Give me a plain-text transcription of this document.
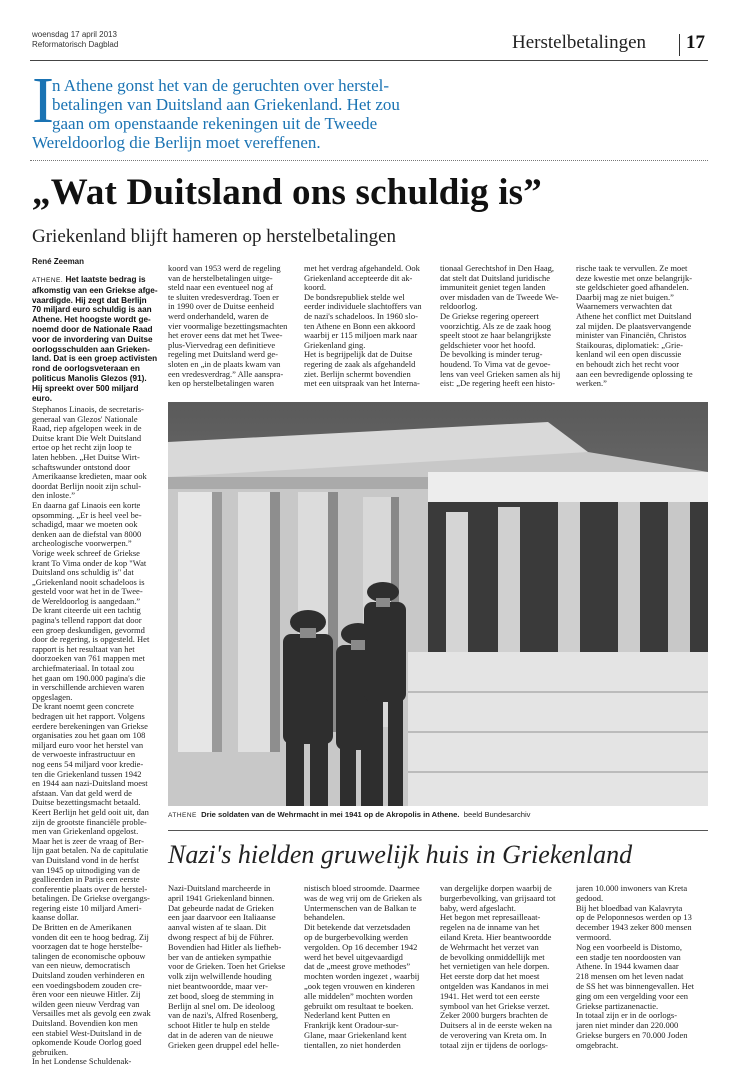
woensdag 17 april 2013
Reformatorisch Dagblad	Herstelbetalingen 17
I
n Athene gonst het van de geruchten over herstel-
betalingen van Duitsland aan Griekenland. Het zou
gaan om openstaande rekeningen uit de Tweede
Wereldoorlog die Berlijn moet vereffenen.
„Wat Duitsland ons schuldig is”
Griekenland blijft hameren op herstelbetalingen
René Zeeman
ATHENE. Het laatste bedrag is
afkomstig van een Griekse afge-
vaardigde. Hij zegt dat Berlijn
70 miljard euro schuldig is aan
Athene. Het hoogste wordt ge-
noemd door de Nationale Raad
voor de invordering van Duitse
oorlogsschulden aan Grieken-
land. Dat is een groep activisten
rond de oorlogsveteraan en
politicus Manolis Glezos (91).
Hij spreekt over 500 miljard
euro.
Stephanos Linaois, de secretaris-
generaal van Glezos' Nationale
Raad, riep afgelopen week in de
Duitse krant Die Welt Duitsland
ertoe op het recht zijn loop te
laten hebben. „Het Duitse Wirt-
schaftswunder ontstond door
Amerikaanse kredieten, maar ook
doordat Berlijn nooit zijn schul-
den inloste.”
En daarna gaf Linaois een korte
opsomming. „Er is heel veel be-
schadigd, maar we moeten ook
denken aan de diefstal van 8000
archeologische voorwerpen.”
Vorige week schreef de Griekse
krant To Vima onder de kop "Wat
Duitsland ons schuldig is" dat
„Griekenland nooit schadeloos is
gesteld voor wat het in de Twee-
de Wereldoorlog is aangedaan.”
De krant citeerde uit een tachtig
pagina's tellend rapport dat door
een groep deskundigen, gevormd
door de regering, is opgesteld. Het
rapport is het resultaat van het
doorzoeken van 761 mappen met
archiefmateriaal. In totaal zou
het gaan om 190.000 pagina's die
in verschillende archieven waren
opgeslagen.
De krant noemt geen concrete
bedragen uit het rapport. Volgens
eerdere berekeningen van Griekse
organisaties zou het gaan om 108
miljard euro voor het herstel van
de verwoeste infrastructuur en
nog eens 54 miljard voor kredie-
ten die Griekenland tussen 1942
en 1944 aan nazi-Duitsland moest
afstaan. Van dat geld werd de
Duitse bezettingsmacht betaald.
Keert Berlijn het geld ooit uit, dan
zijn de grootste financiële proble-
men van Griekenland opgelost.
Maar het is zeer de vraag of Ber-
lijn gaat betalen. Na de capitulatie
van Duitsland vond in de herfst
van 1945 op uitnodiging van de
geallieerden in Parijs een eerste
conferentie plaats over de herstel-
betalingen. De Griekse overgangs-
regering eiste 10 miljard Ameri-
kaanse dollar.
De Britten en de Amerikanen
vonden dit een te hoog bedrag. Zij
voorzagen dat te hoge herstelbe-
talingen de economische opbouw
van een nieuw, democratisch
Duitsland zouden verhinderen en
een voedingsbodem zouden cre-
ëren voor een nieuwe Hitler. Zij
wilden geen nieuw Verdrag van
Versailles met als gevolg een zwak
Duitsland. Bovendien kon men
een stabiel West-Duitsland in de
opkomende Koude Oorlog goed
gebruiken.
In het Londense Schuldenak-
koord van 1953 werd de regeling
van de herstelbetalingen uitge-
steld naar een eventueel nog af
te sluiten vredesverdrag. Toen er
in 1990 over de Duitse eenheid
werd onderhandeld, waren de
vier voormalige bezettingsmachten
het erover eens dat met het Twee-
plus-Viervedrag een definitieve
regeling met Duitsland werd ge-
sloten en „in de plaats kwam van
een vredesverdrag.” Alle aanspra-
ken op herstelbetalingen waren
met het verdrag afgehandeld. Ook
Griekenland accepteerde dit ak-
koord.
De bondsrepubliek stelde wel
eerder individuele slachtoffers van
de nazi's schadeloos. In 1960 slo-
ten Athene en Bonn een akkoord
waarbij er 115 miljoen mark naar
Griekenland ging.
Het is begrijpelijk dat de Duitse
regering de zaak als afgehandeld
ziet. Berlijn schermt bovendien
met een uitspraak van het Interna-
tionaal Gerechtshof in Den Haag,
dat stelt dat Duitsland juridische
immuniteit geniet tegen landen
over misdaden van de Tweede We-
reldoorlog.
De Griekse regering opereert
voorzichtig. Als ze de zaak hoog
speelt stoot ze haar belangrijkste
geldschieter voor het hoofd.
De bevolking is minder terug-
houdend. To Vima vat de gevoe-
lens van veel Grieken samen als hij
eist: „De regering heeft een histo-
rische taak te vervullen. Ze moet
deze kwestie met onze belangrijk-
ste geldschieter goed afhandelen.
Daarbij mag ze niet buigen.”
Waarnemers verwachten dat
Athene het conflict met Duitsland
zal mijden. De plaatsvervangende
minister van Financiën, Christos
Staikouras, diplomatiek: „Grie-
kenland wil een open discussie
en behoudt zich het recht voor
aan een bevredigende oplossing te
werken.”
ATHENE Drie soldaten van de Wehrmacht in mei 1941 op de Akropolis in Athene. beeld Bundesarchiv
Nazi's hielden gruwelijk huis in Griekenland
Nazi-Duitsland marcheerde in
april 1941 Griekenland binnen.
Dat gebeurde nadat de Grieken
een jaar daarvoor een Italiaanse
aanval wisten af te slaan. Dit
dwong respect af bij de Führer.
Bovendien had Hitler als liefheb-
ber van de antieken sympathie
voor de Grieken. Toen het Griekse
volk zijn welwillende houding
niet beantwoordde, maar ver-
zet bood, sloeg de stemming in
Berlijn al snel om. De ideoloog
van de nazi's, Alfred Rosenberg,
schoot Hitler te hulp en stelde
dat in de aderen van de nieuwe
Grieken geen druppel edel helle-
nistisch bloed stroomde. Daarmee
was de weg vrij om de Grieken als
Untermenschen van de Balkan te
behandelen.
Dit betekende dat verzetsdaden
op de burgerbevolking werden
vergolden. Op 16 december 1942
werd het bevel uitgevaardigd
dat de „meest grove methodes”
mochten worden ingezet , waarbij
„ook tegen vrouwen en kinderen
alle middelen” mochten worden
gebruikt om resultaat te boeken.
Nederland kent Putten en
Frankrijk kent Oradour-sur-
Glane, maar Griekenland kent
tientallen, zo niet honderden
van dergelijke dorpen waarbij de
burgerbevolking, van grijsaard tot
baby, werd afgeslacht.
Het begon met represailleaat-
regelen na de inname van het
eiland Kreta. Hier beantwoordde
de Wehrmacht het verzet van
de bevolking onmiddellijk met
het vernietigen van hele dorpen.
Het eerste dorp dat het moest
ontgelden was Kandanos in mei
1941. Het werd tot een eerste
symbool van het Griekse verzet.
Zeker 2000 burgers brachten de
Duitsers al in de eerste weken na
de verovering van Kreta om. In
totaal zijn er tijdens de oorlogs-
jaren 10.000 inwoners van Kreta
gedood.
Bij het bloedbad van Kalavryta
op de Peloponnesos werden op 13
december 1943 zeker 800 mensen
vermoord.
Nog een voorbeeld is Distomo,
een stadje ten noordoosten van
Athene. In 1944 kwamen daar
218 mensen om het leven nadat
de SS het was binnengevallen. Het
ging om een vergelding voor een
Griekse partizanenactie.
In totaal zijn er in de oorlogs-
jaren niet minder dan 220.000
Griekse burgers en 70.000 Joden
omgebracht.
